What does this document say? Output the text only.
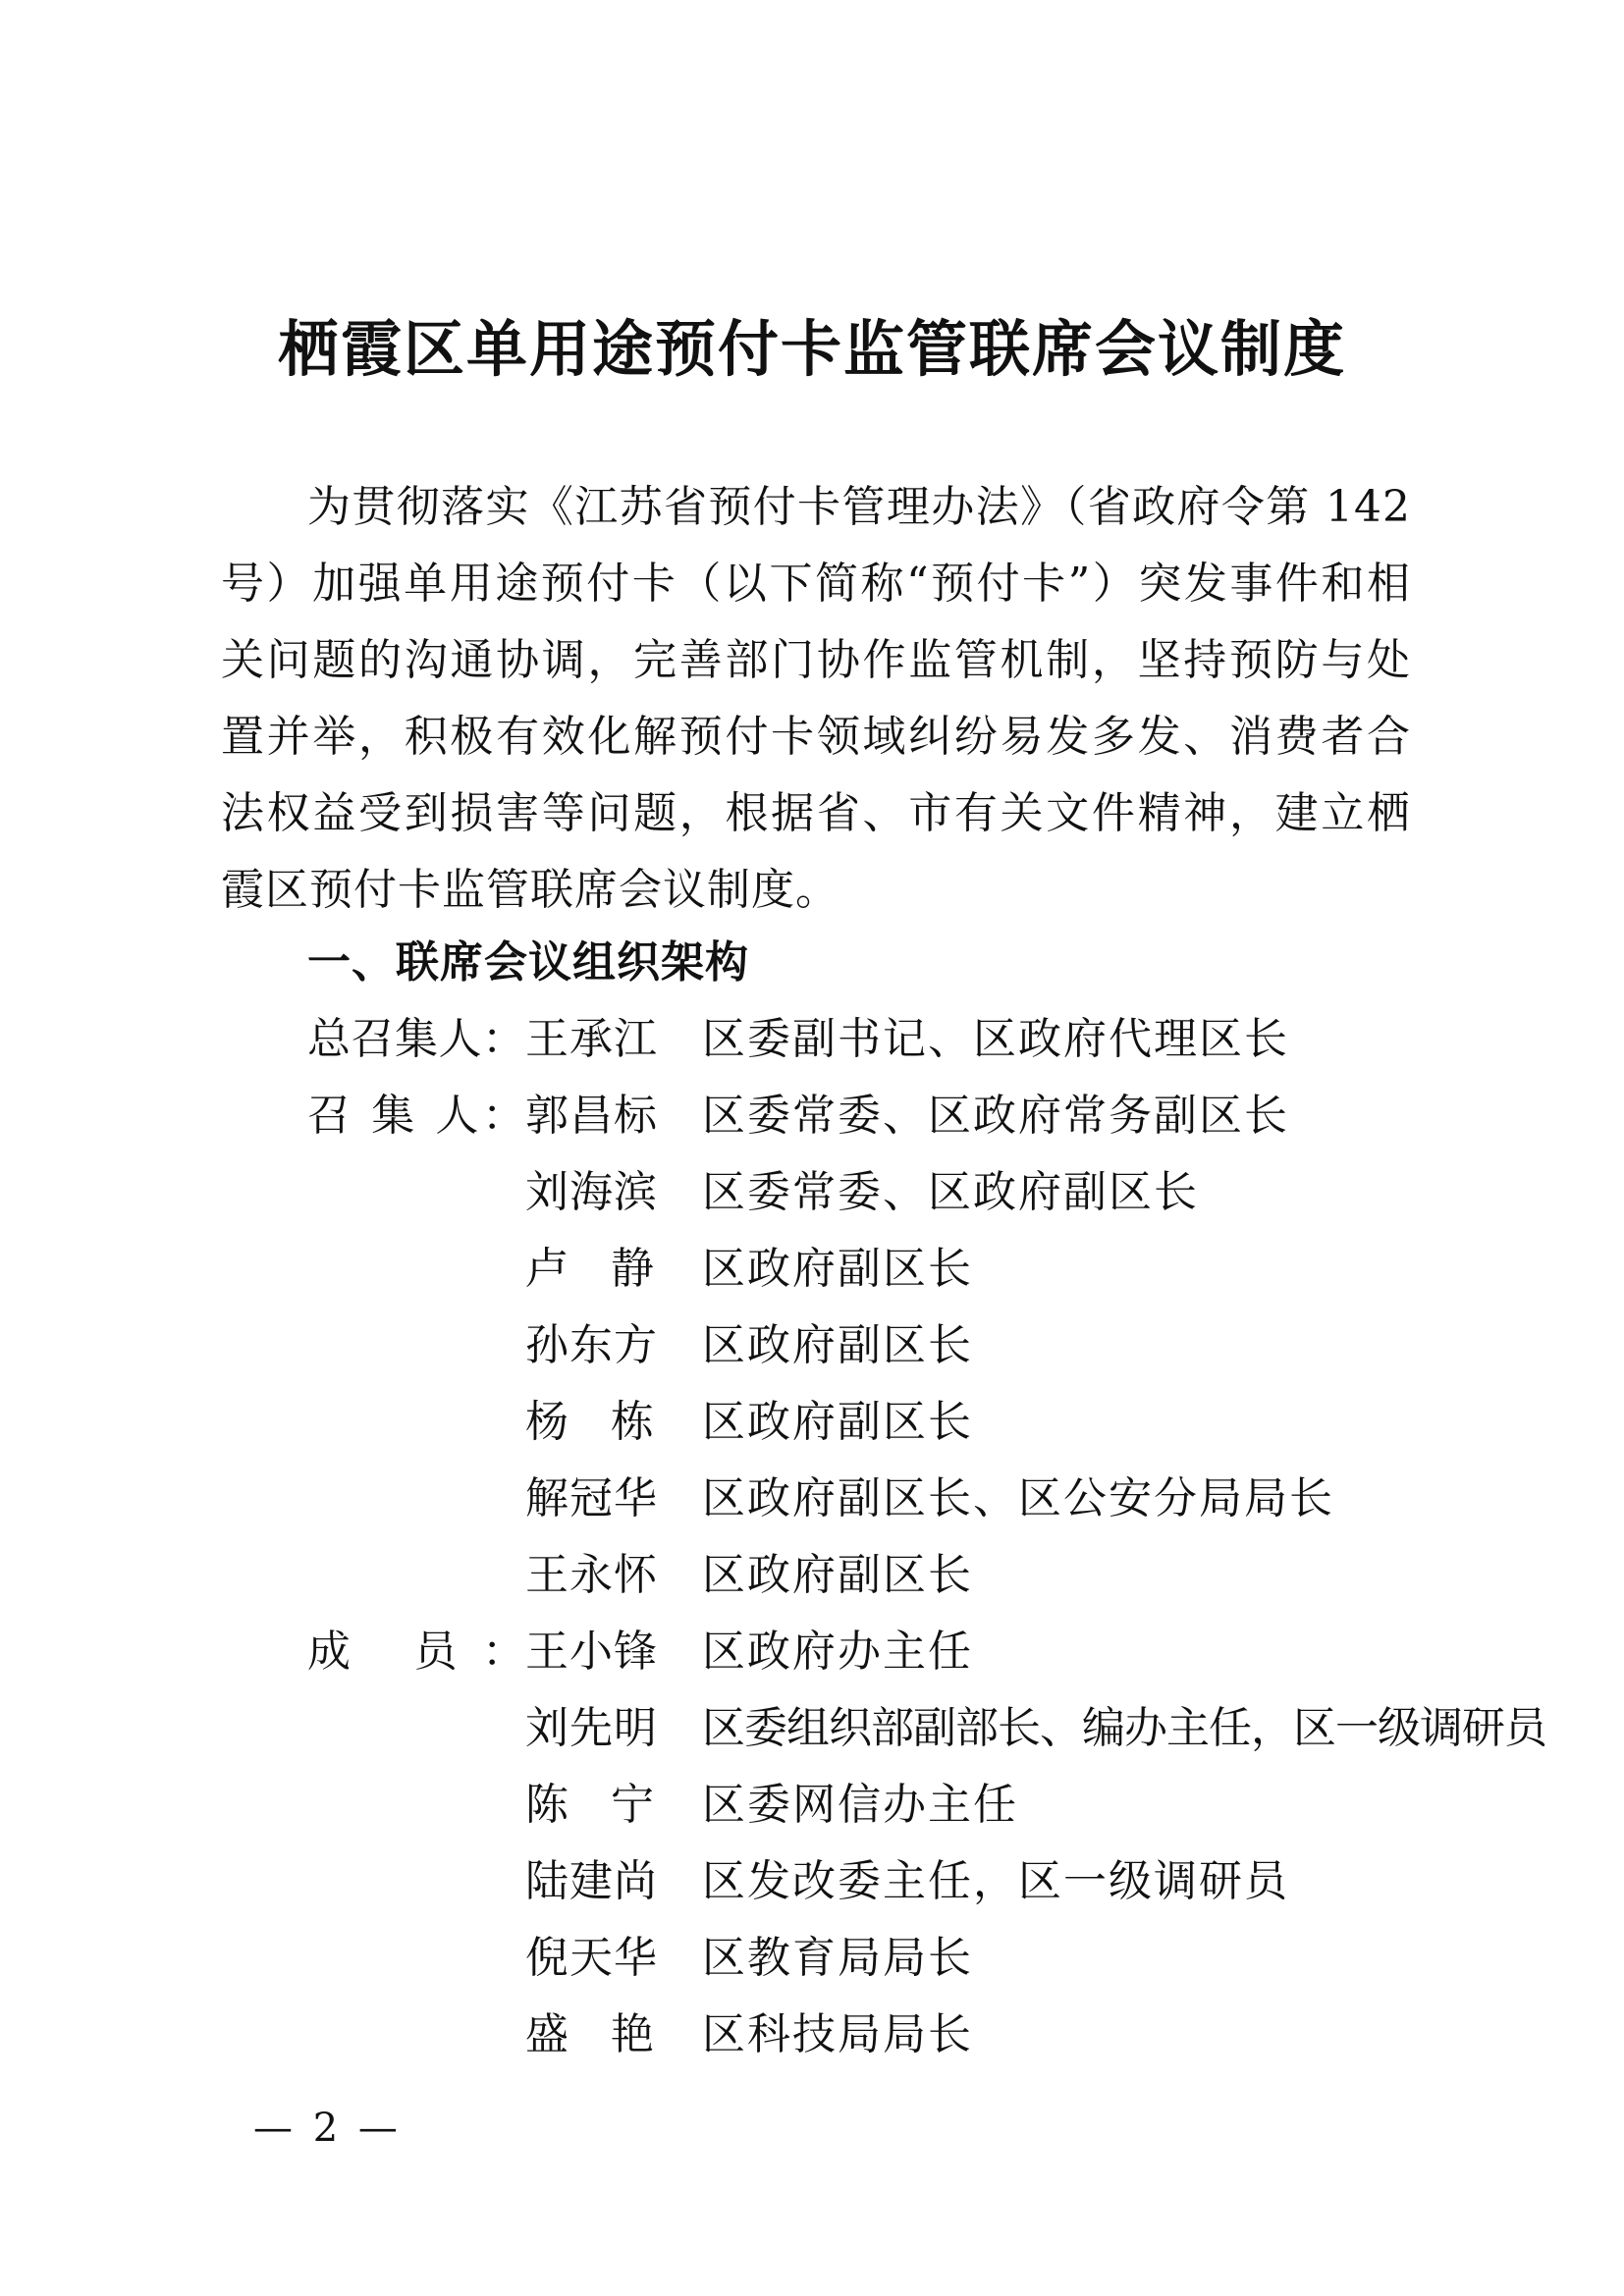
栖霞区单用途预付卡监管联席会议制度

为贯彻落实《江苏省预付卡管理办法》（省政府令第 142 号）加强单用途预付卡（以下简称“预付卡”）突发事件和相关问题的沟通协调，完善部门协作监管机制，坚持预防与处置并举，积极有效化解预付卡领域纠纷易发多发、消费者合法权益受到损害等问题，根据省、市有关文件精神，建立栖霞区预付卡监管联席会议制度。

一、联席会议组织架构
总召集人： 王承江 区委副书记、区政府代理区长
召 集 人： 郭昌标 区委常委、区政府常务副区长
刘海滨 区委常委、区政府副区长
卢静 区政府副区长
孙东方 区政府副区长
杨栋 区政府副区长
解冠华 区政府副区长、区公安分局局长
王永怀 区政府副区长
成 员： 王小锋 区政府办主任
刘先明 区委组织部副部长、编办主任，区一级调研员
陈宁 区委网信办主任
陆建尚 区发改委主任，区一级调研员
倪天华 区教育局局长
盛艳 区科技局局长
— 2 —
